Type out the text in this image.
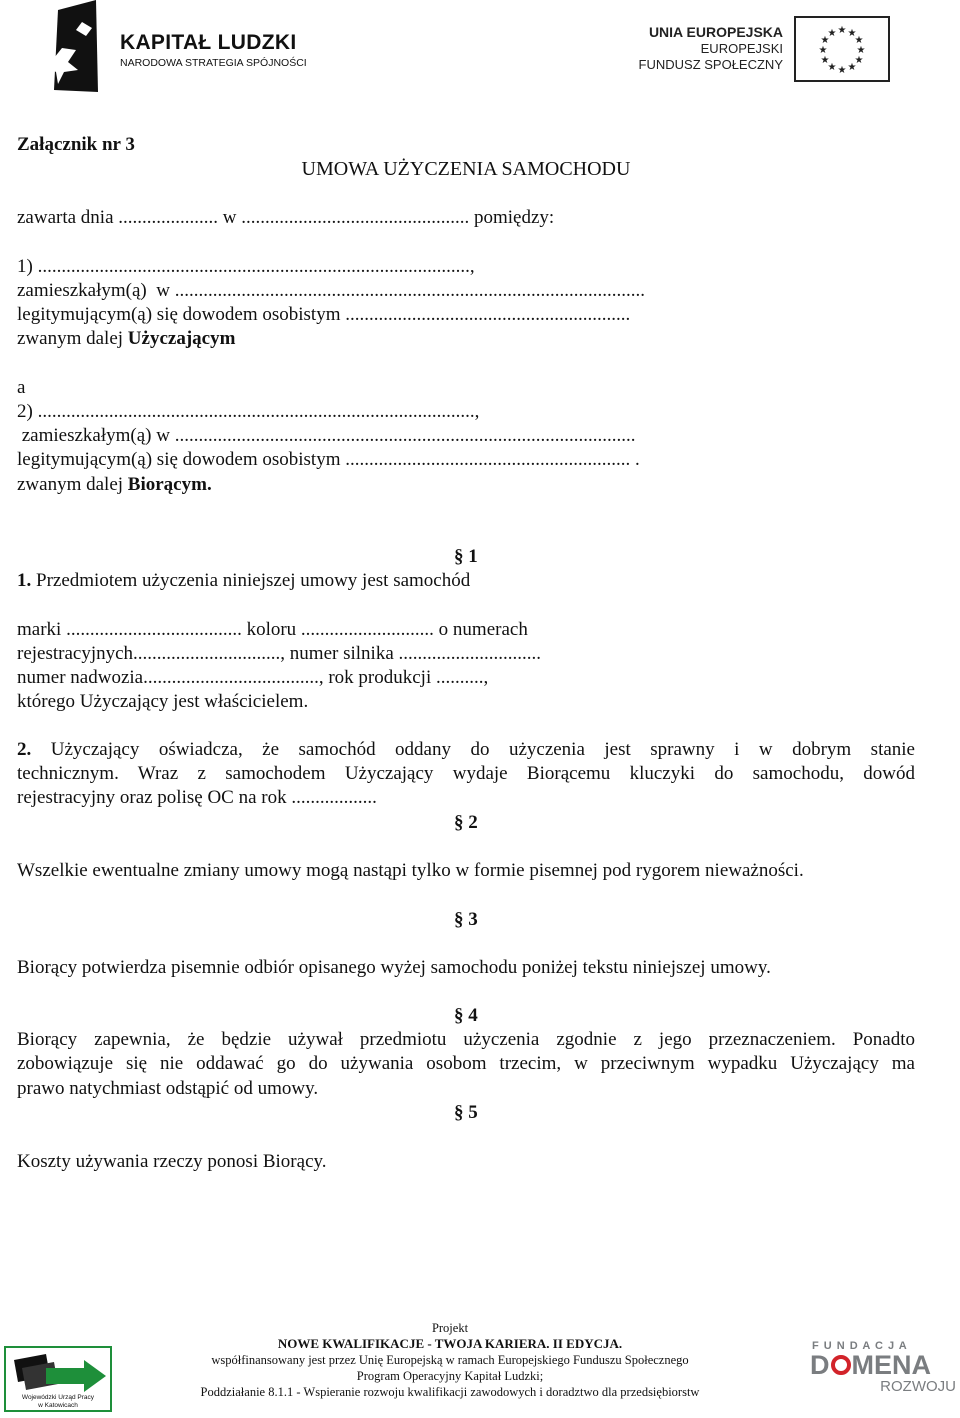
KAPITAŁ LUDZKI
NARODOWA STRATEGIA SPÓJNOŚCI
UNIA EUROPEJSKA
EUROPEJSKI
FUNDUSZ SPOŁECZNY
★ ★
★
★
★
★
★
★
★
★
★
★
Załącznik nr 3
UMOWA UŻYCZENIA SAMOCHODU
zawarta dnia ..................... w ................................................ pomiędzy:
1) ...........................................................................................,
zamieszkałym(ą)  w ...................................................................................................
legitymującym(ą) się dowodem osobistym ............................................................
zwanym dalej Użyczającym
a
2) ............................................................................................,
zamieszkałym(ą) w .................................................................................................
legitymującym(ą) się dowodem osobistym ............................................................ .
zwanym dalej Biorącym.
§ 1
1. Przedmiotem użyczenia niniejszej umowy jest samochód
marki ..................................... koloru ............................ o numerach
rejestracyjnych..............................., numer silnika ..............................
numer nadwozia....................................., rok produkcji ..........,
którego Użyczający jest właścicielem.
2. Użyczający oświadcza, że samochód oddany do użyczenia jest sprawny i w dobrym stanie
technicznym. Wraz z samochodem Użyczający wydaje Biorącemu kluczyki do samochodu, dowód
rejestracyjny oraz polisę OC na rok ..................
§ 2
Wszelkie ewentualne zmiany umowy mogą nastąpi tylko w formie pisemnej pod rygorem nieważności.
§ 3
Biorący potwierdza pisemnie odbiór opisanego wyżej samochodu poniżej tekstu niniejszej umowy.
§ 4
Biorący zapewnia, że będzie używał przedmiotu użyczenia zgodnie z jego przeznaczeniem. Ponadto
zobowiązuje się nie oddawać go do używania osobom trzecim, w przeciwnym wypadku Użyczający ma
prawo natychmiast odstąpić od umowy.
§ 5
Koszty używania rzeczy ponosi Biorący.
Wojewódzki Urząd Pracy
w Katowicach
Projekt
NOWE KWALIFIKACJE - TWOJA KARIERA. II EDYCJA.
współfinansowany jest przez Unię Europejską w ramach Europejskiego Funduszu Społecznego
Program Operacyjny Kapitał Ludzki;
Poddziałanie 8.1.1 - Wspieranie rozwoju kwalifikacji zawodowych i doradztwo dla przedsiębiorstw
F U N D A C J A
D MENA
ROZWOJU
